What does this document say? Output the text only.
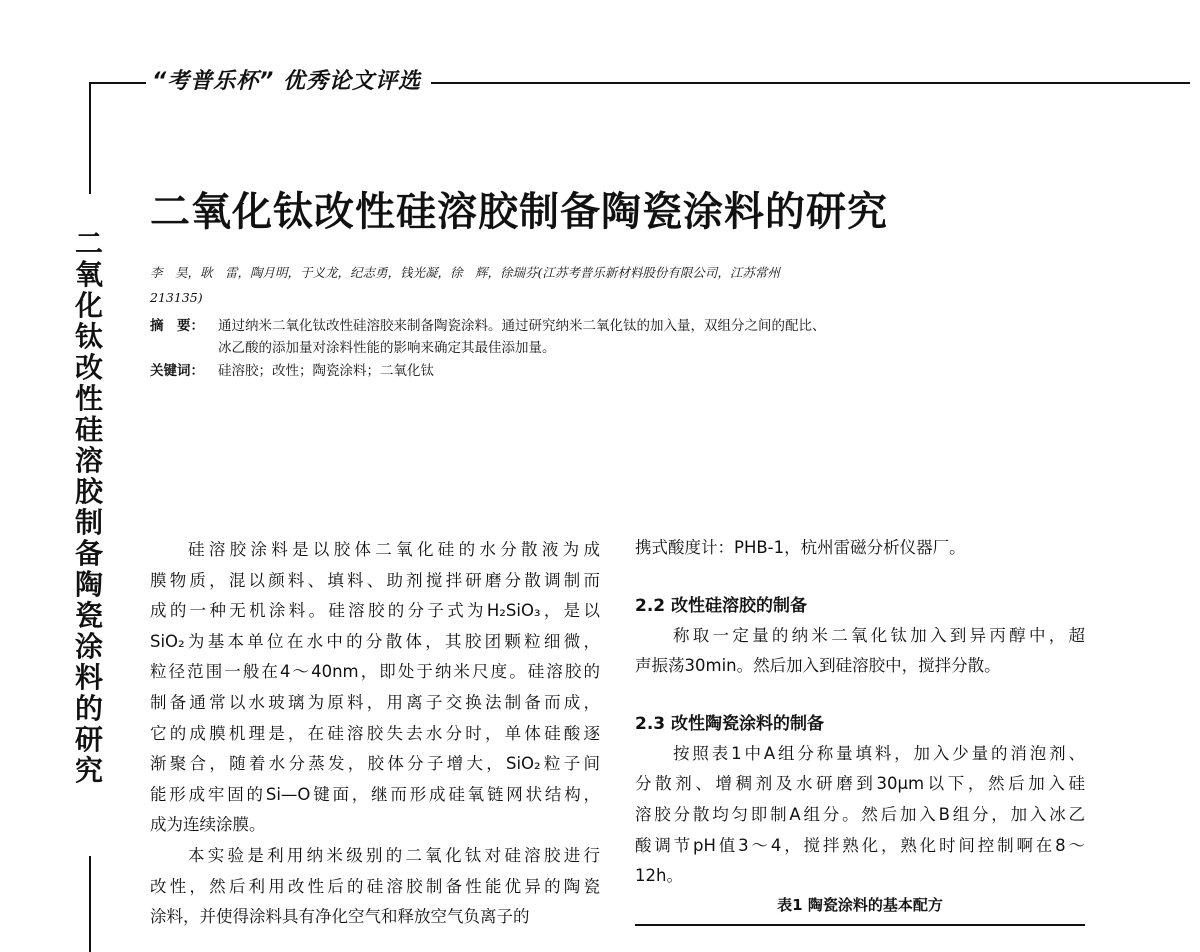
“考普乐杯” 优秀论文评选
二氧化钛改性硅溶胶制备陶瓷涂料的研究
二
氧
化
钛
改
性
硅
溶
胶
制
备
陶
瓷
涂
料
的
研
究
李　昊，耿　雷，陶月明，于义龙，纪志勇，钱光凝，徐　辉，徐瑞芬(江苏考普乐新材料股份有限公司，江苏常州
213135)
摘　要： 通过纳米二氧化钛改性硅溶胶来制备陶瓷涂料。通过研究纳米二氧化钛的加入量，双组分之间的配比、
冰乙酸的添加量对涂料性能的影响来确定其最佳添加量。
关键词： 硅溶胶；改性；陶瓷涂料；二氧化钛
硅溶胶涂料是以胶体二氧化硅的水分散液为成
膜物质，混以颜料、填料、助剂搅拌研磨分散调制而
成的一种无机涂料。硅溶胶的分子式为H₂SiO₃，是以
SiO₂为基本单位在水中的分散体，其胶团颗粒细微，
粒径范围一般在4～40nm，即处于纳米尺度。硅溶胶的
制备通常以水玻璃为原料，用离子交换法制备而成，
它的成膜机理是，在硅溶胶失去水分时，单体硅酸逐
渐聚合，随着水分蒸发，胶体分子增大，SiO₂粒子间
能形成牢固的Si—O键面，继而形成硅氧链网状结构，
成为连续涂膜。
本实验是利用纳米级别的二氧化钛对硅溶胶进行
改性，然后利用改性后的硅溶胶制备性能优异的陶瓷
涂料，并使得涂料具有净化空气和释放空气负离子的
携式酸度计：PHB-1，杭州雷磁分析仪器厂。
2.2 改性硅溶胶的制备
称取一定量的纳米二氧化钛加入到异丙醇中，超
声振荡30min。然后加入到硅溶胶中，搅拌分散。
2.3 改性陶瓷涂料的制备
按照表1中A组分称量填料，加入少量的消泡剂、
分散剂、增稠剂及水研磨到30μm以下，然后加入硅
溶胶分散均匀即制A组分。然后加入B组分，加入冰乙
酸调节pH值3～4，搅拌熟化，熟化时间控制啊在8～
12h。
表1 陶瓷涂料的基本配方
